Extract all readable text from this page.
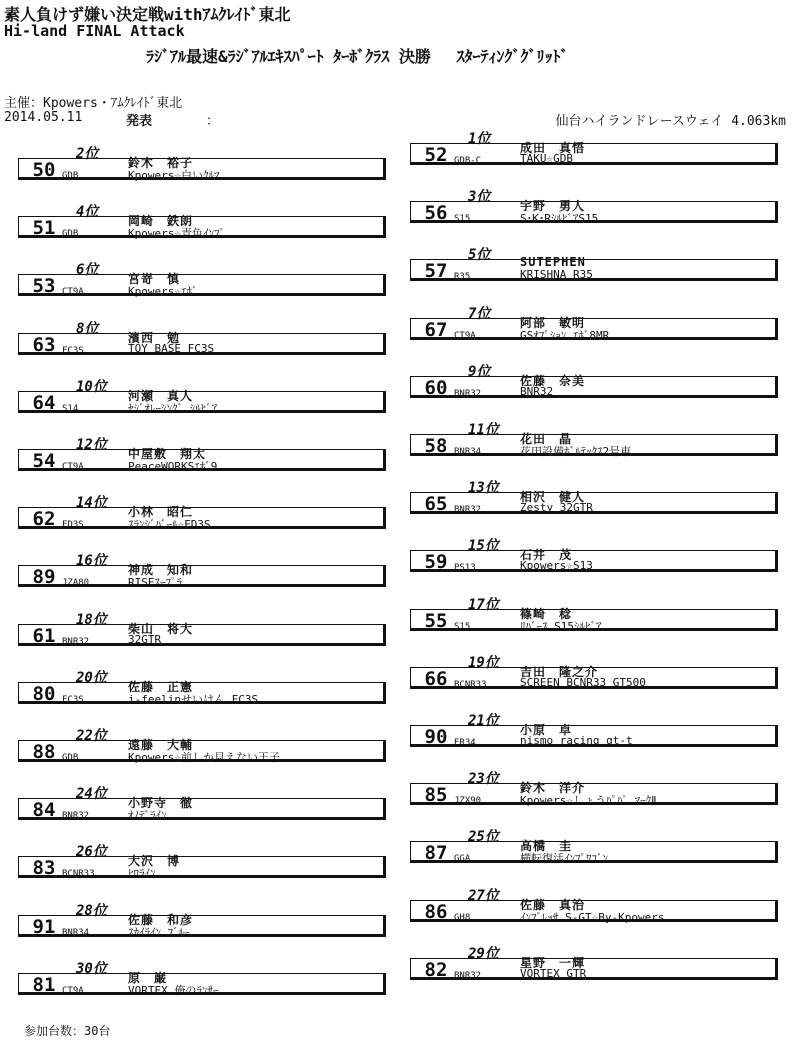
素人負けず嫌い決定戦withｱﾑｸﾚｲﾄﾞ東北
Hi-land FINAL Attack
ﾗｼﾞｱﾙ最速&ﾗｼﾞｱﾙｴｷｽﾊﾟｰﾄ ﾀｰﾎﾞｸﾗｽ 決勝　 ｽﾀｰﾃｨﾝｸﾞｸﾞﾘｯﾄﾞ
主催：Kpowers・ｱﾑｸﾚｲﾄﾞ東北
2014.05.11	発表	：	仙台ハイランドレースウェイ 4.063km
2位
50 GDB
鈴木　裕子
Kpowers☆白いｸﾙﾏ
4位
51 GDB
岡崎　鉄朗
Kpowers☆青色ｲﾝﾌﾟ
6位
53 CT9A
宮嵜　慎
Kpowers☆ｴﾎﾞ
8位
63 FC3S
濱西　勉
TOY BASE FC3S
10位
64 S14
河瀬　真人
ｾｼﾞｵﾚｰｼﾝｸﾞ ｼﾙﾋﾞｱ
12位
54 CT9A
中屋敷　翔太
PeaceWORKSｴﾎﾞ9
14位
62 FD3S
小林　昭仁
ｽﾗﾝｼﾞﾊﾞｰﾙ☆FD3S
16位
89 JZA80
神成　知和
RISEｽｰﾌﾟﾗ
18位
61 BNR32
柴山　将大
32GTR
20位
80 FC3S
佐藤　正憲
i-feelinせいけん FC3S
22位
88 GDB
遠藤　大輔
Kpowers☆前しか見えない王子
24位
84 BNR32
小野寺　徹
ｵﾉﾃﾞﾗｲﾝ
26位
83 BCNR33
大沢　博
ﾋﾛﾗｲﾝ
28位
91 BNR34
佐藤　和彦
ｽｶｲﾗｲﾝ ﾌﾞﾙｰ
30位
81 CT9A
原　巌
VORTEX 俺のﾗﾝｻｰ
1位
52 GDB-C
成田　真悟
TAKU☆GDB
3位
56 S15
宇野　勇人
S･K･RｼﾙﾋﾞｱS15
5位
57 R35
SUTEPHEN
KRISHNA R35
7位
67 CT9A
阿部　敏明
GSｵﾌﾟｼｮﾝ ｴﾎﾞ8MR
9位
60 BNR32
佐藤　奈美
BNR32
11位
58 BNR34
花田　晶
花田設備ﾎﾞﾙﾃｯｸｽ2号車
13位
65 BNR32
相沢　健人
Zesty 32GTR
15位
59 PS13
石井　茂
Kpowers☆S13
17位
55 S15
篠崎　稔
ﾘﾊﾞｰｽ S15ｼﾙﾋﾞｱ
19位
66 BCNR33
吉田　隆之介
SCREEN BCNR33 GT500
21位
90 ER34
小原　卓
nismo racing gt-t
23位
85 JZX90
鈴木　洋介
Kpowers☆しょうﾊﾟﾊﾟ ﾏｰｸⅡ
25位
87 GGA
高橋　圭
横転復活ｲﾝﾌﾟﾜｺﾞﾝ
27位
86 GH8
佐藤　真治
ｲﾝﾌﾟﾚｯｻ S-GT☆By-Kpowers
29位
82 BNR32
星野　一輝
VORTEX GTR
参加台数：30台
